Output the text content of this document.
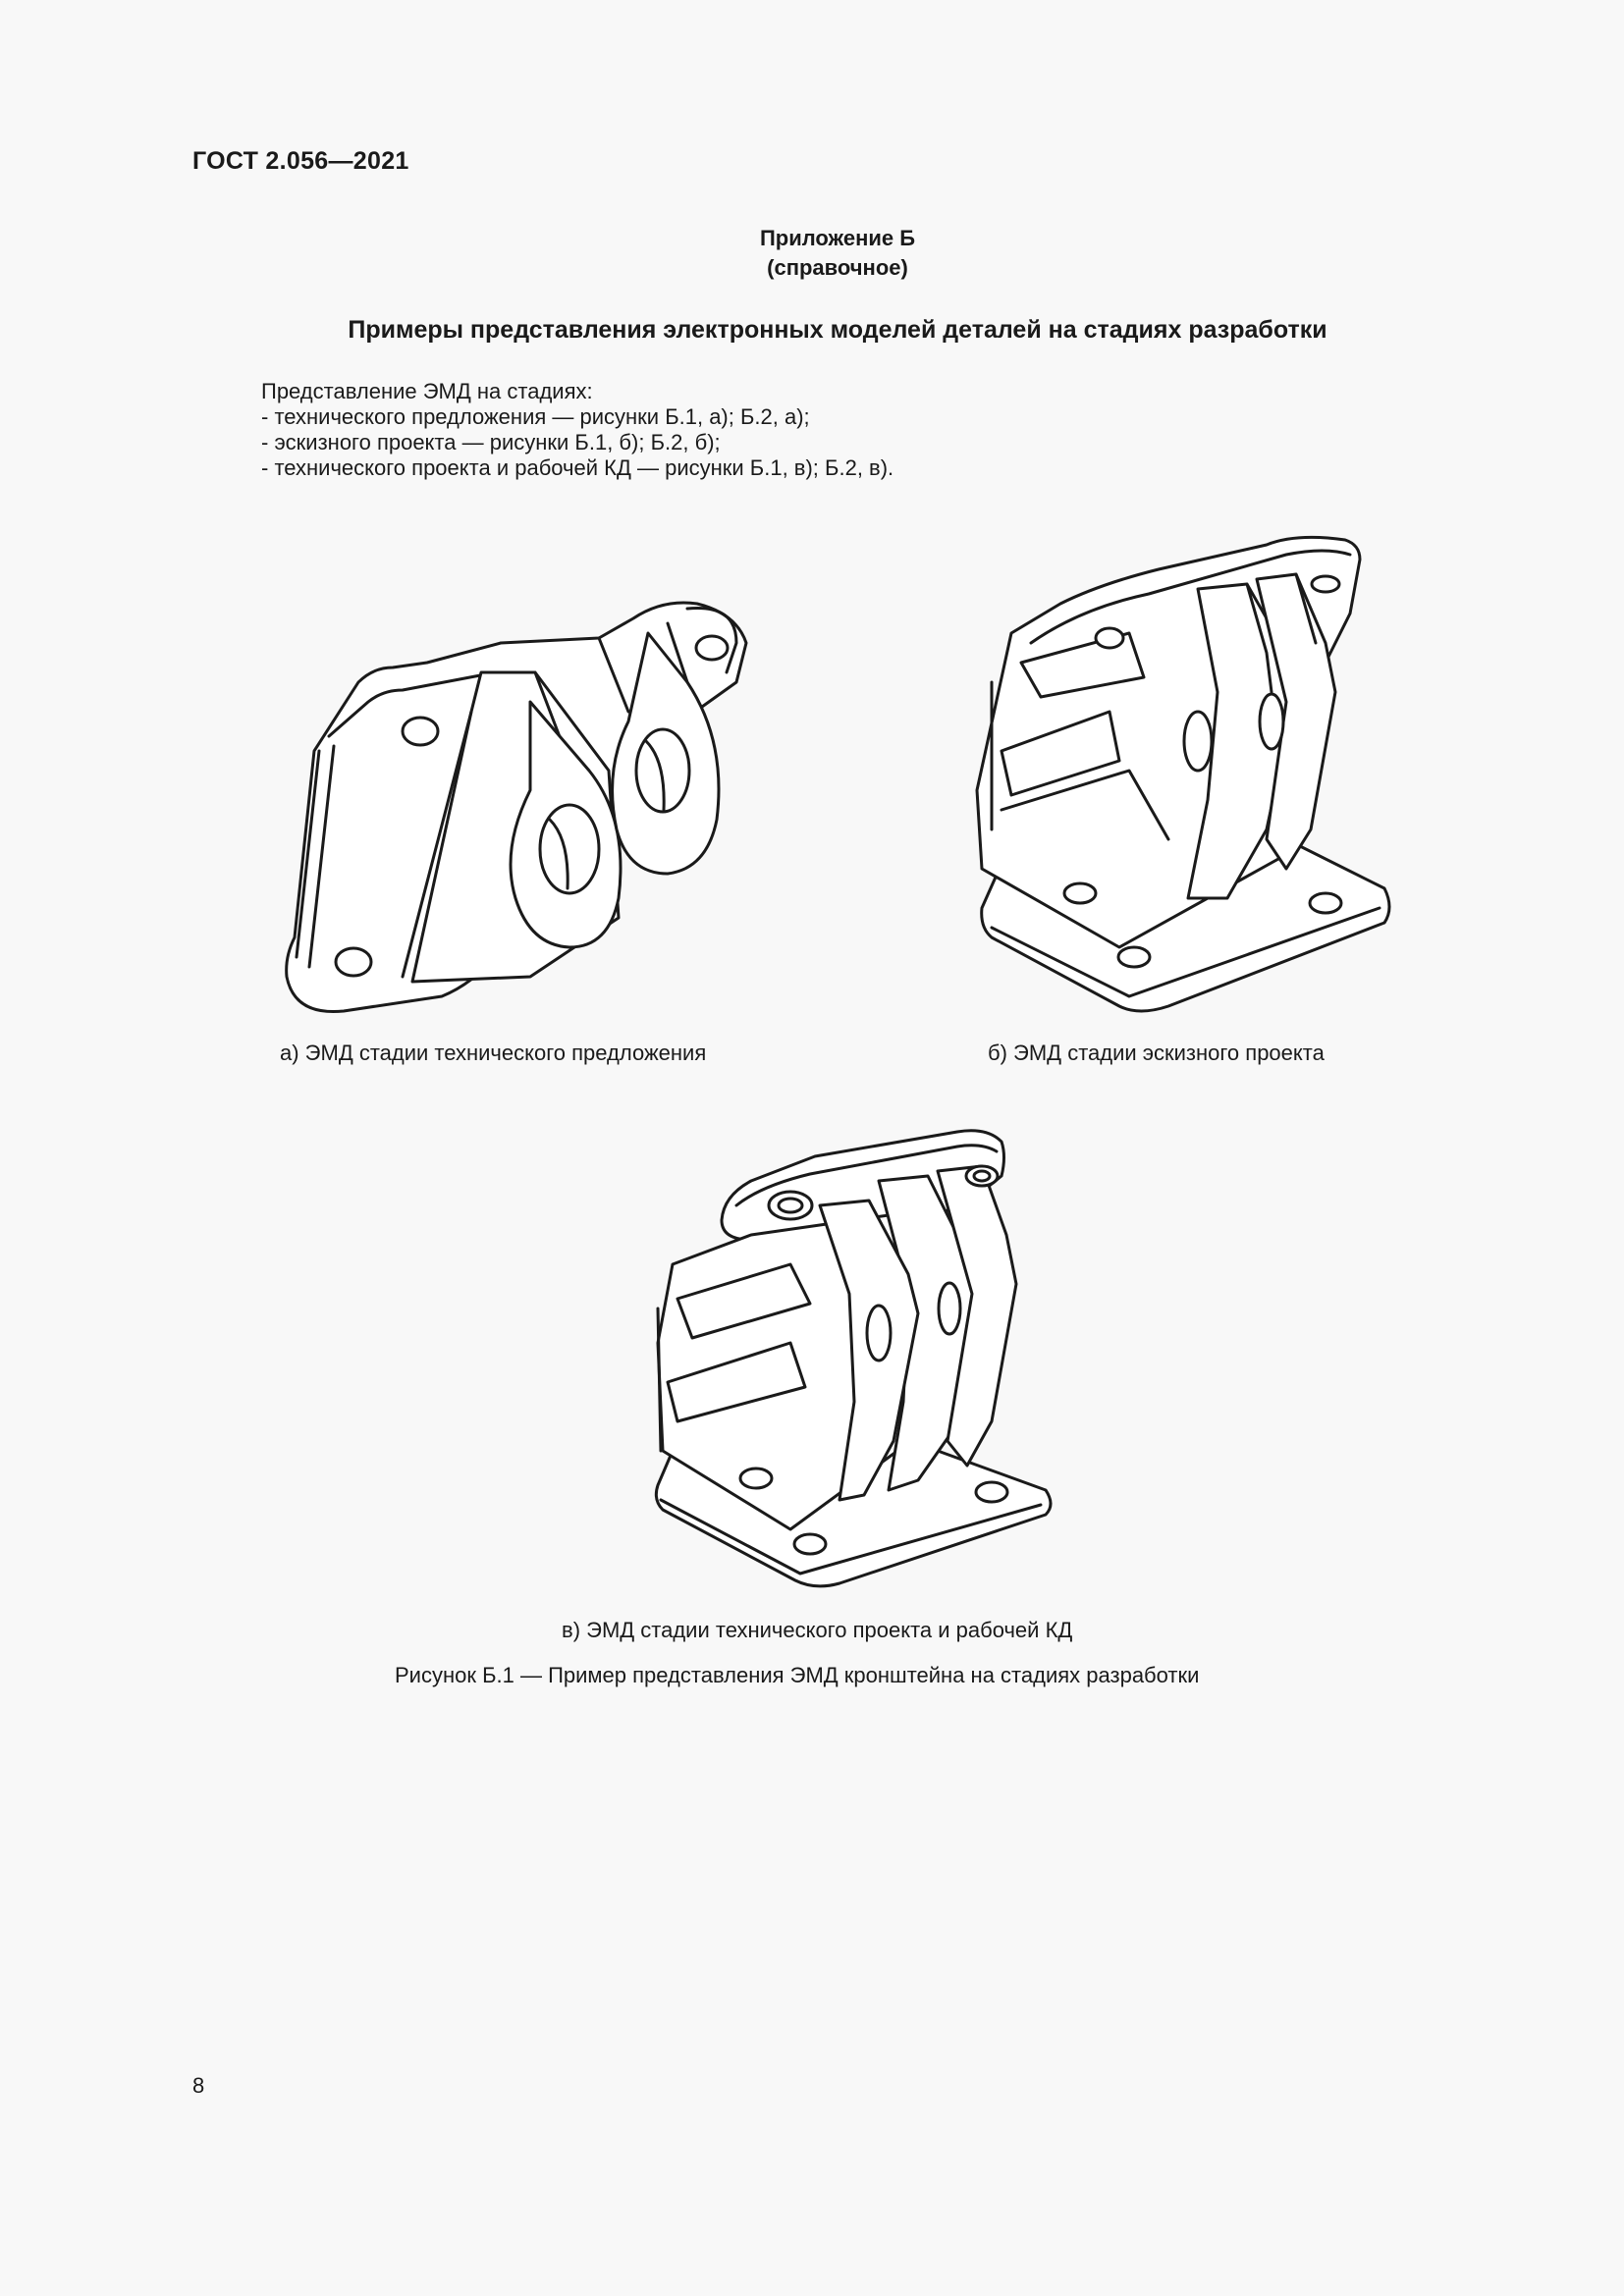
ГОСТ 2.056—2021
Приложение Б
(справочное)
Примеры представления электронных моделей деталей на стадиях разработки
Представление ЭМД на стадиях:
- технического предложения — рисунки Б.1, а); Б.2, а);
- эскизного проекта — рисунки Б.1, б); Б.2, б);
- технического проекта и рабочей КД — рисунки Б.1, в); Б.2, в).
а) ЭМД стадии технического предложения	б) ЭМД стадии эскизного проекта
в) ЭМД стадии технического проекта и рабочей КД
Рисунок Б.1 — Пример представления ЭМД кронштейна на стадиях разработки
8
